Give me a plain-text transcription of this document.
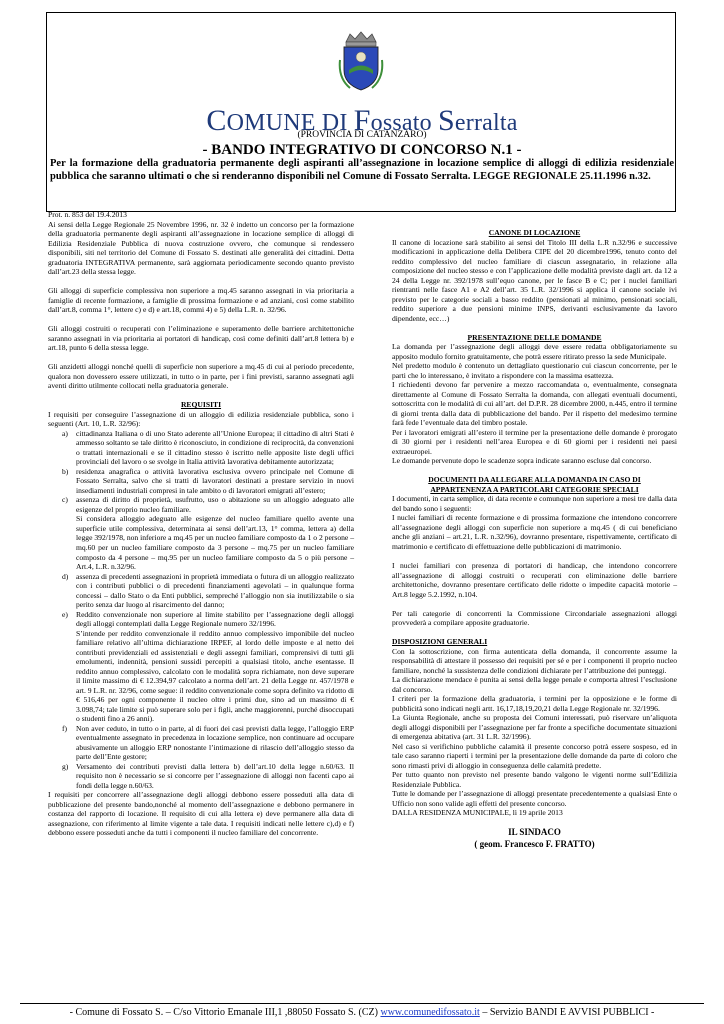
COMUNE DI Fossato Serralta
(PROVINCIA DI CATANZARO)
- BANDO INTEGRATIVO DI CONCORSO N.1 -
Per la formazione della graduatoria permanente degli aspiranti all’assegnazione in locazione semplice di alloggi di edilizia residenziale pubblica che saranno ultimati o che si renderanno disponibili nel Comune di Fossato Serralta. LEGGE REGIONALE 25.11.1996 n.32.

Prot. n. 853 del 19.4.2013

Ai sensi della Legge Regionale 25 Novembre 1996, nr. 32 è indetto un concorso per la formazione della graduatoria permanente degli aspiranti all’assegnazione in locazione semplice di alloggi di Edilizia Residenziale Pubblica di nuova costruzione ovvero, che comunque si rendessero disponibili, siti nel territorio del Comune di Fossato S. destinati alle generalità dei cittadini. Detta graduatoria INTEGRATIVA permanente, sarà aggiornata periodicamente secondo quanto previsto dall’art.23 della stessa legge.

Gli alloggi di superficie complessiva non superiore a mq.45 saranno assegnati in via prioritaria a famiglie di recente formazione, a famiglie di prossima formazione e ad anziani, così come stabilito dall’art.8, comma 1°, lettere c) e d) e art.18, commi 4) e 5) della L.R. n. 32/96.

Gli alloggi costruiti o recuperati con l’eliminazione e superamento delle barriere architettoniche saranno assegnati in via prioritaria ai portatori di handicap, così come definiti dall’art.8 lettera b) e art.18, punto 6 della stessa legge.

Gli anzidetti alloggi nonché quelli di superficie non superiore a mq.45 di cui al periodo precedente, qualora non dovessero essere utilizzati, in tutto o in parte, per i fini previsti, saranno assegnati agli aventi diritto utilmente collocati nella graduatoria generale.

REQUISITI

I requisiti per conseguire l’assegnazione di un alloggio di edilizia residenziale pubblica, sono i seguenti (Art. 10, L.R. 32/96):

a) cittadinanza Italiana o di uno Stato aderente all’Unione Europea; il cittadino di altri Stati è ammesso soltanto se tale diritto è riconosciuto, in condizione di reciprocità, da convenzioni o trattati internazionali e se il cittadino stesso è iscritto nelle apposite liste degli uffici provinciali del lavoro o se svolge in Italia attività lavorativa debitamente autorizzata;
b) residenza anagrafica o attività lavorativa esclusiva ovvero principale nel Comune di Fossato Serralta, salvo che si tratti di lavoratori destinati a prestare servizio in nuovi insediamenti industriali compresi in tale ambito o di lavoratori emigrati all’estero;
c) assenza di diritto di proprietà, usufrutto, uso o abitazione su un alloggio adeguato alle esigenze del proprio nucleo familiare.
Si considera alloggio adeguato alle esigenze del nucleo familiare quello avente una superficie utile complessiva, determinata ai sensi dell’art.13, 1° comma, lettera a) della legge 392/1978, non inferiore a mq.45 per un nucleo familiare composto da 1 o 2 persone – mq.60 per un nucleo familiare composto da 3 persone – mq.75 per un nucleo familiare composto da 4 persone – mq.95 per un nucleo familiare composto da 5 o più persone – Art.4, L.R. n.32/96.
d) assenza di precedenti assegnazioni in proprietà immediata o futura di un alloggio realizzato con i contributi pubblici o di precedenti finanziamenti agevolati – in qualunque forma concessi – dallo Stato o da Enti pubblici, sempreché l’alloggio non sia inutilizzabile o sia perito senza dar luogo al risarcimento del danno;
e) Reddito convenzionale non superiore al limite stabilito per l’assegnazione degli alloggi degli alloggi contemplati dalla Legge Regionale numero 32/1996.

S’intende per reddito convenzionale il reddito annuo complessivo imponibile del nucleo familiare relativo all’ultima dichiarazione IRPEF, al lordo delle imposte e al netto dei contributi previdenziali ed assistenziali e degli assegni familiari, comprensivi di tutti gli emolumenti, indennità, pensioni sussidi percepiti a qualsiasi titolo, anche esentasse. Il reddito annuo complessivo, calcolato con le modalità sopra richiamate, non deve superare il limite massimo di € 12.394,97 calcolato a norma dell’art. 21 della Legge nr. 457/1978 e art. 9 L.R. nr. 32/96, come segue: il reddito convenzionale come sopra definito va ridotto di € 516,46 per ogni componente il nucleo oltre i primi due, sino ad un massimo di € 3.098,74; tale limite si può superare solo per i figli, anche maggiorenni, purché disoccupati o studenti fino a 26 anni).

f) Non aver ceduto, in tutto o in parte, al di fuori dei casi previsti dalla legge, l’alloggio ERP eventualmente assegnato in precedenza in locazione semplice, non continuare ad occupare abusivamente un alloggio ERP nonostante l’intimazione di rilascio dell’alloggio stesso da parte dell’Ente gestore;
g) Versamento dei contributi previsti dalla lettera b) dell’art.10 della legge n.60/63. Il requisito non è necessario se si concorre per l’assegnazione di alloggi non facenti capo ai fondi della legge n.60/63.

I requisiti per concorrere all’assegnazione degli alloggi debbono essere posseduti alla data di pubblicazione del presente bando,nonché al momento dell’assegnazione e debbono permanere in costanza del rapporto di locazione. Il requisito di cui alla lettera e) deve permanere alla data di assegnazione, con riferimento al limite vigente a tale data. I requisiti indicati nelle lettere c),d) e f) debbono essere posseduti anche da tutti i componenti il nucleo familiare del concorrente.

CANONE DI LOCAZIONE

Il canone di locazione sarà stabilito ai sensi del Titolo III della L.R n.32/96 e successive modificazioni in applicazione della Delibera CIPE del 20 dicembre1996, tenuto conto del reddito complessivo del nucleo familiare di ciascun assegnatario, in relazione alla composizione del nucleo stesso e con l’applicazione delle modalità previste dagli art. da 12 a 24 della Legge nr. 392/1978 sull’equo canone, per le fasce B e C; per i nuclei familiari rientranti nelle fasce A1 e A2 dell’art. 35 L.R. 32/1996 si applica il canone sociale ivi previsto per le categorie sociali a basso reddito (pensionati al minimo, pensionati sociali, reddito superiore a due pensioni minime INPS, derivanti esclusivamente da lavoro dipendente, ecc…)

PRESENTAZIONE DELLE DOMANDE

La domanda per l’assegnazione degli alloggi deve essere redatta obbligatoriamente su apposito modulo fornito gratuitamente, che potrà essere ritirato presso la sede Municipale.

Nel predetto modulo è contenuto un dettagliato questionario cui ciascun concorrente, per le parti che lo interessano, è invitato a rispondere con la massima esattezza.

I richiedenti devono far pervenire a mezzo raccomandata o, eventualmente, consegnata direttamente al Comune di Fossato Serralta la domanda, con allegati eventuali documenti, sottoscritta con le modalità di cui all’art. del D.P.R. 28 dicembre 2000, n.445, entro il termine di giorni trenta dalla data di pubblicazione del bando. Per il rispetto del medesimo termine farà fede l’eventuale data del timbro postale.

Per i lavoratori emigrati all’estero il termine per la presentazione delle domande è prorogato di 30 giorni per i residenti nell’area Europea e di 60 giorni per i residenti nei paesi extraeuropei.

Le domande pervenute dopo le scadenze sopra indicate saranno escluse dal concorso.

DOCUMENTI DA ALLEGARE ALLA DOMANDA IN CASO DI

APPARTENENZA A PARTICOLARI CATEGORIE SPECIALI

I documenti, in carta semplice, di data recente e comunque non superiore a mesi tre dalla data del bando sono i seguenti:

I nuclei familiari di recente formazione e di prossima formazione che intendono concorrere all’assegnazione degli alloggi con superficie non superiore a mq.45 ( di cui beneficiano anche gli anziani – art.21, L.R. n.32/96), dovranno presentare, rispettivamente, certificato di matrimonio e certificato di effettuazione delle pubblicazioni di matrimonio.

I nuclei familiari con presenza di portatori di handicap, che intendono concorrere all’assegnazione di alloggi costruiti o recuperati con eliminazione delle barriere architettoniche, dovranno presentare certificato delle ridotte o impedite capacità motorie – Art.8 legge 5.2.1992, n.104.

Per tali categorie di concorrenti la Commissione Circondariale assegnazioni alloggi provvederà a compilare apposite graduatorie.

DISPOSIZIONI GENERALI

Con la sottoscrizione, con firma autenticata della domanda, il concorrente assume la responsabilità di attestare il possesso dei requisiti per sé e per i componenti il proprio nucleo familiare, nonché la sussistenza delle condizioni dichiarate per l’attribuzione dei punteggi.

La dichiarazione mendace è punita ai sensi della legge penale e comporta altresì l’esclusione dal concorso.

I criteri per la formazione della graduatoria, i termini per la opposizione e le forme di pubblicità sono indicati negli artt. 16,17,18,19,20,21 della Legge Regionale nr. 32/1996.

La Giunta Regionale, anche su proposta dei Comuni interessati, può riservare un’aliquota degli alloggi disponibili per l’assegnazione per far fronte a specifiche documentate situazioni di emergenza abitativa (art. 31 L.R. 32/1996).

Nel caso si verifichino pubbliche calamità il presente concorso potrà essere sospeso, ed in tale caso saranno riaperti i termini per la presentazione delle domande da parte di coloro che sono rimasti privi di alloggio in conseguenza delle calamità predette.

Per tutto quanto non previsto nel presente bando valgono le vigenti norme sull’Edilizia Residenziale Pubblica.

Tutte le domande per l’assegnazione di alloggi presentate precedentemente a qualsiasi Ente o Ufficio non sono valide agli effetti del presente concorso.

DALLA RESIDENZA MUNICIPALE, lì 19 aprile 2013

IL SINDACO

( geom. Francesco F. FRATTO)

- Comune di Fossato S. – C/so Vittorio Emanale III,1 ,88050 Fossato S. (CZ) www.comunedifossato.it – Servizio BANDI E AVVISI PUBBLICI -
